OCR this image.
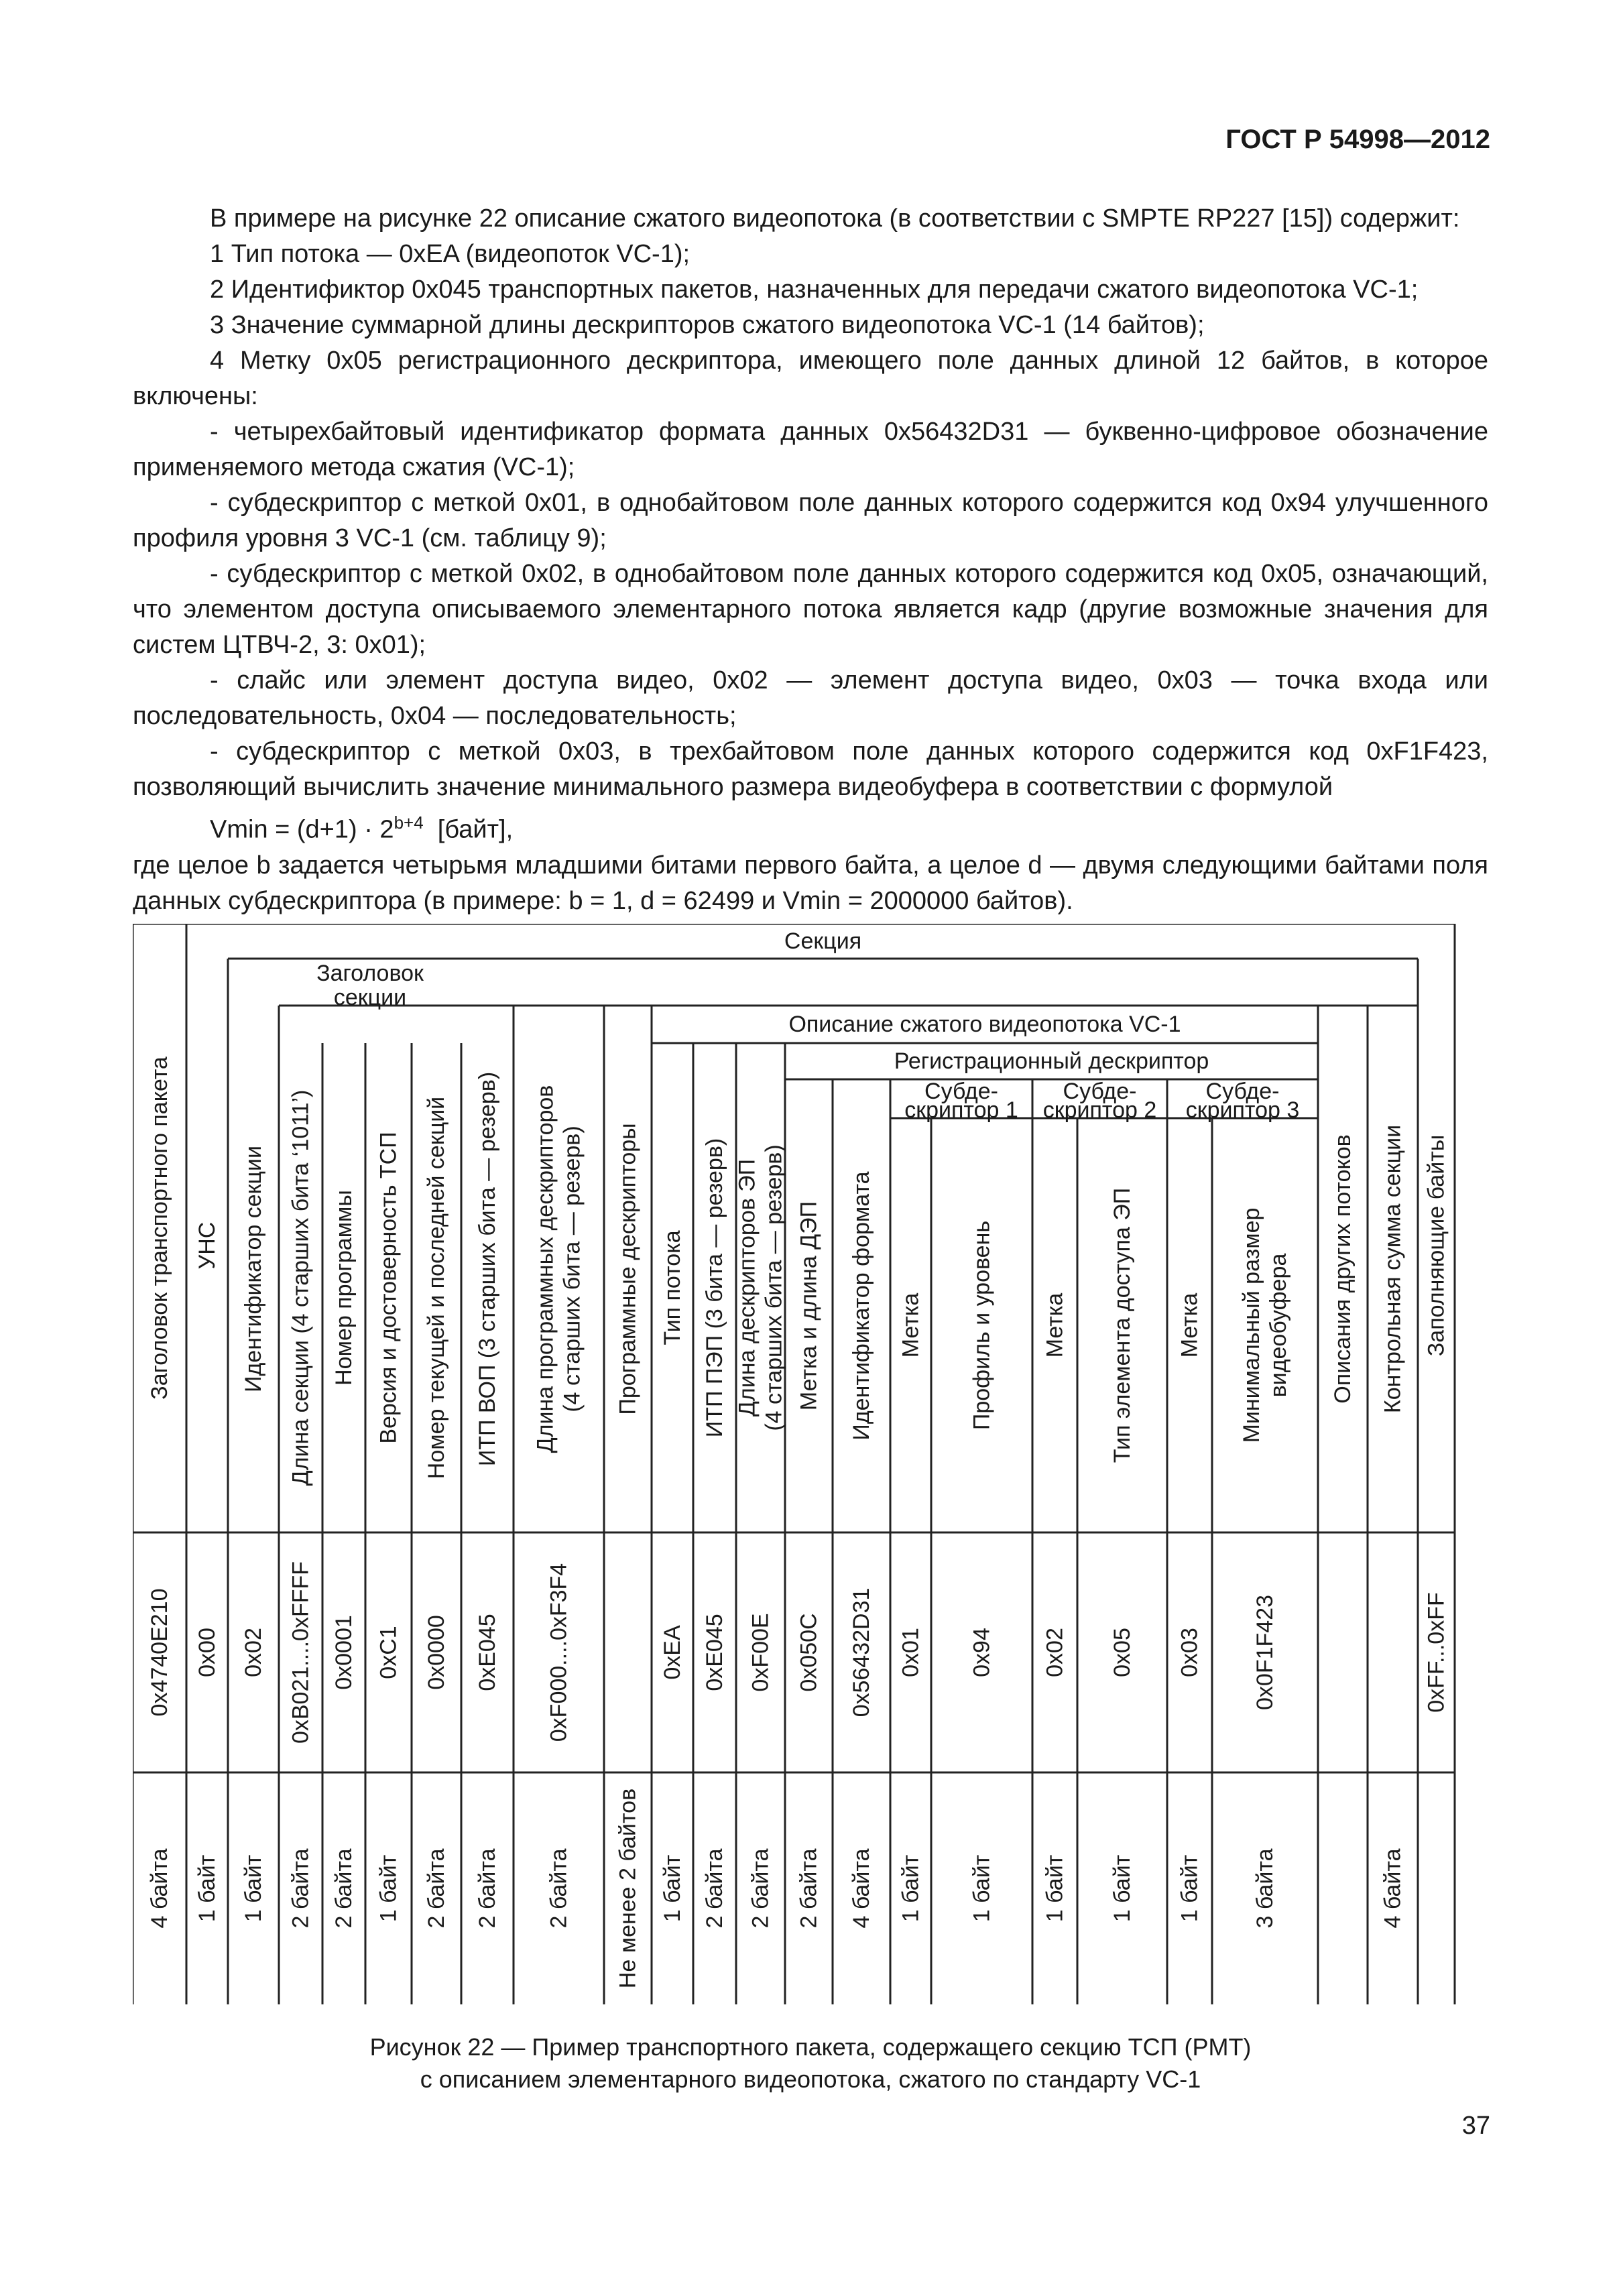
ГОСТ Р 54998—2012

В примере на рисунке 22 описание сжатого видеопотока (в соответствии с SMPTE RP227 [15]) содержит:

1 Тип потока — 0xEA (видеопоток VC-1);

2 Идентификтор 0x045 транспортных пакетов, назначенных для передачи сжатого видеопотока VC-1;

3 Значение суммарной длины дескрипторов сжатого видеопотока VC-1 (14 байтов);

4 Метку 0x05 регистрационного дескриптора, имеющего поле данных длиной 12 байтов, в которое включены:

- четырехбайтовый идентификатор формата данных 0x56432D31 — буквенно-цифровое обозначение применяемого метода сжатия (VC-1);

- субдескриптор с меткой 0x01, в однобайтовом поле данных которого содержится код 0x94 улучшенного профиля уровня 3 VC-1 (см. таблицу 9);

- субдескриптор с меткой 0x02, в однобайтовом поле данных которого содержится код 0x05, означающий, что элементом доступа описываемого элементарного потока является кадр (другие возможные значения для систем ЦТВЧ-2, 3: 0x01);

- слайс или элемент доступа видео, 0x02 — элемент доступа видео, 0x03 — точка входа или последовательность, 0x04 — последовательность;

- субдескриптор с меткой 0x03, в трехбайтовом поле данных которого содержится код 0xF1F423, позволяющий вычислить значение минимального размера видеобуфера в соответствии с формулой

$Vmin = (d+1) \cdot 2^{b+4}$ [байт],

где целое b задается четырьмя младшими битами первого байта, а целое d — двумя следующими байтами поля данных субдескриптора (в примере: b = 1, d = 62499 и Vmin = 2000000 байтов).

Секция
Заголовок
секции
Описание сжатого видеопотока VC-1
Регистрационный дескриптор
Субде-
скриптор 1
Субде-
скриптор 2
Субде-
скриптор 3
Заголовок транспортного пакета
0x4740E210
4 байта
УНС
0x00
1 байт
Идентификатор секции
0x02
1 байт
Длина секции (4 старших бита ‘1011’)
0xB021....0xFFFF
2 байта
Номер программы
0x0001
2 байта
Версия и достоверность ТСП
0xC1
1 байт
Номер текущей и последней секций
0x0000
2 байта
ИТП ВОП (3 старших бита — резерв)
0xE045
2 байта
Длина программных дескрипторов (4 старших бита — резерв)
0xF000....0xF3F4
2 байта
Программные дескрипторы
Не менее 2 байтов
Тип потока
0xEA
1 байт
ИТП ПЭП (3 бита — резерв)
0xE045
2 байта
Длина дескрипторов ЭП (4 старших бита — резерв)
0xF00E
2 байта
Метка и длина ДЭП
0x050C
2 байта
Идентификатор формата
0x56432D31
4 байта
Метка
0x01
1 байт
Профиль и уровень
0x94
1 байт
Метка
0x02
1 байт
Тип элемента доступа ЭП
0x05
1 байт
Метка
0x03
1 байт
Минимальный размер видеобуфера
0x0F1F423
3 байта
Описания других потоков Контрольная сумма секции
4 байта
Заполняющие байты
0xFF...0xFF
Рисунок 22 — Пример транспортного пакета, содержащего секцию ТСП (PMT)
с описанием элементарного видеопотока, сжатого по стандарту VC-1
37
